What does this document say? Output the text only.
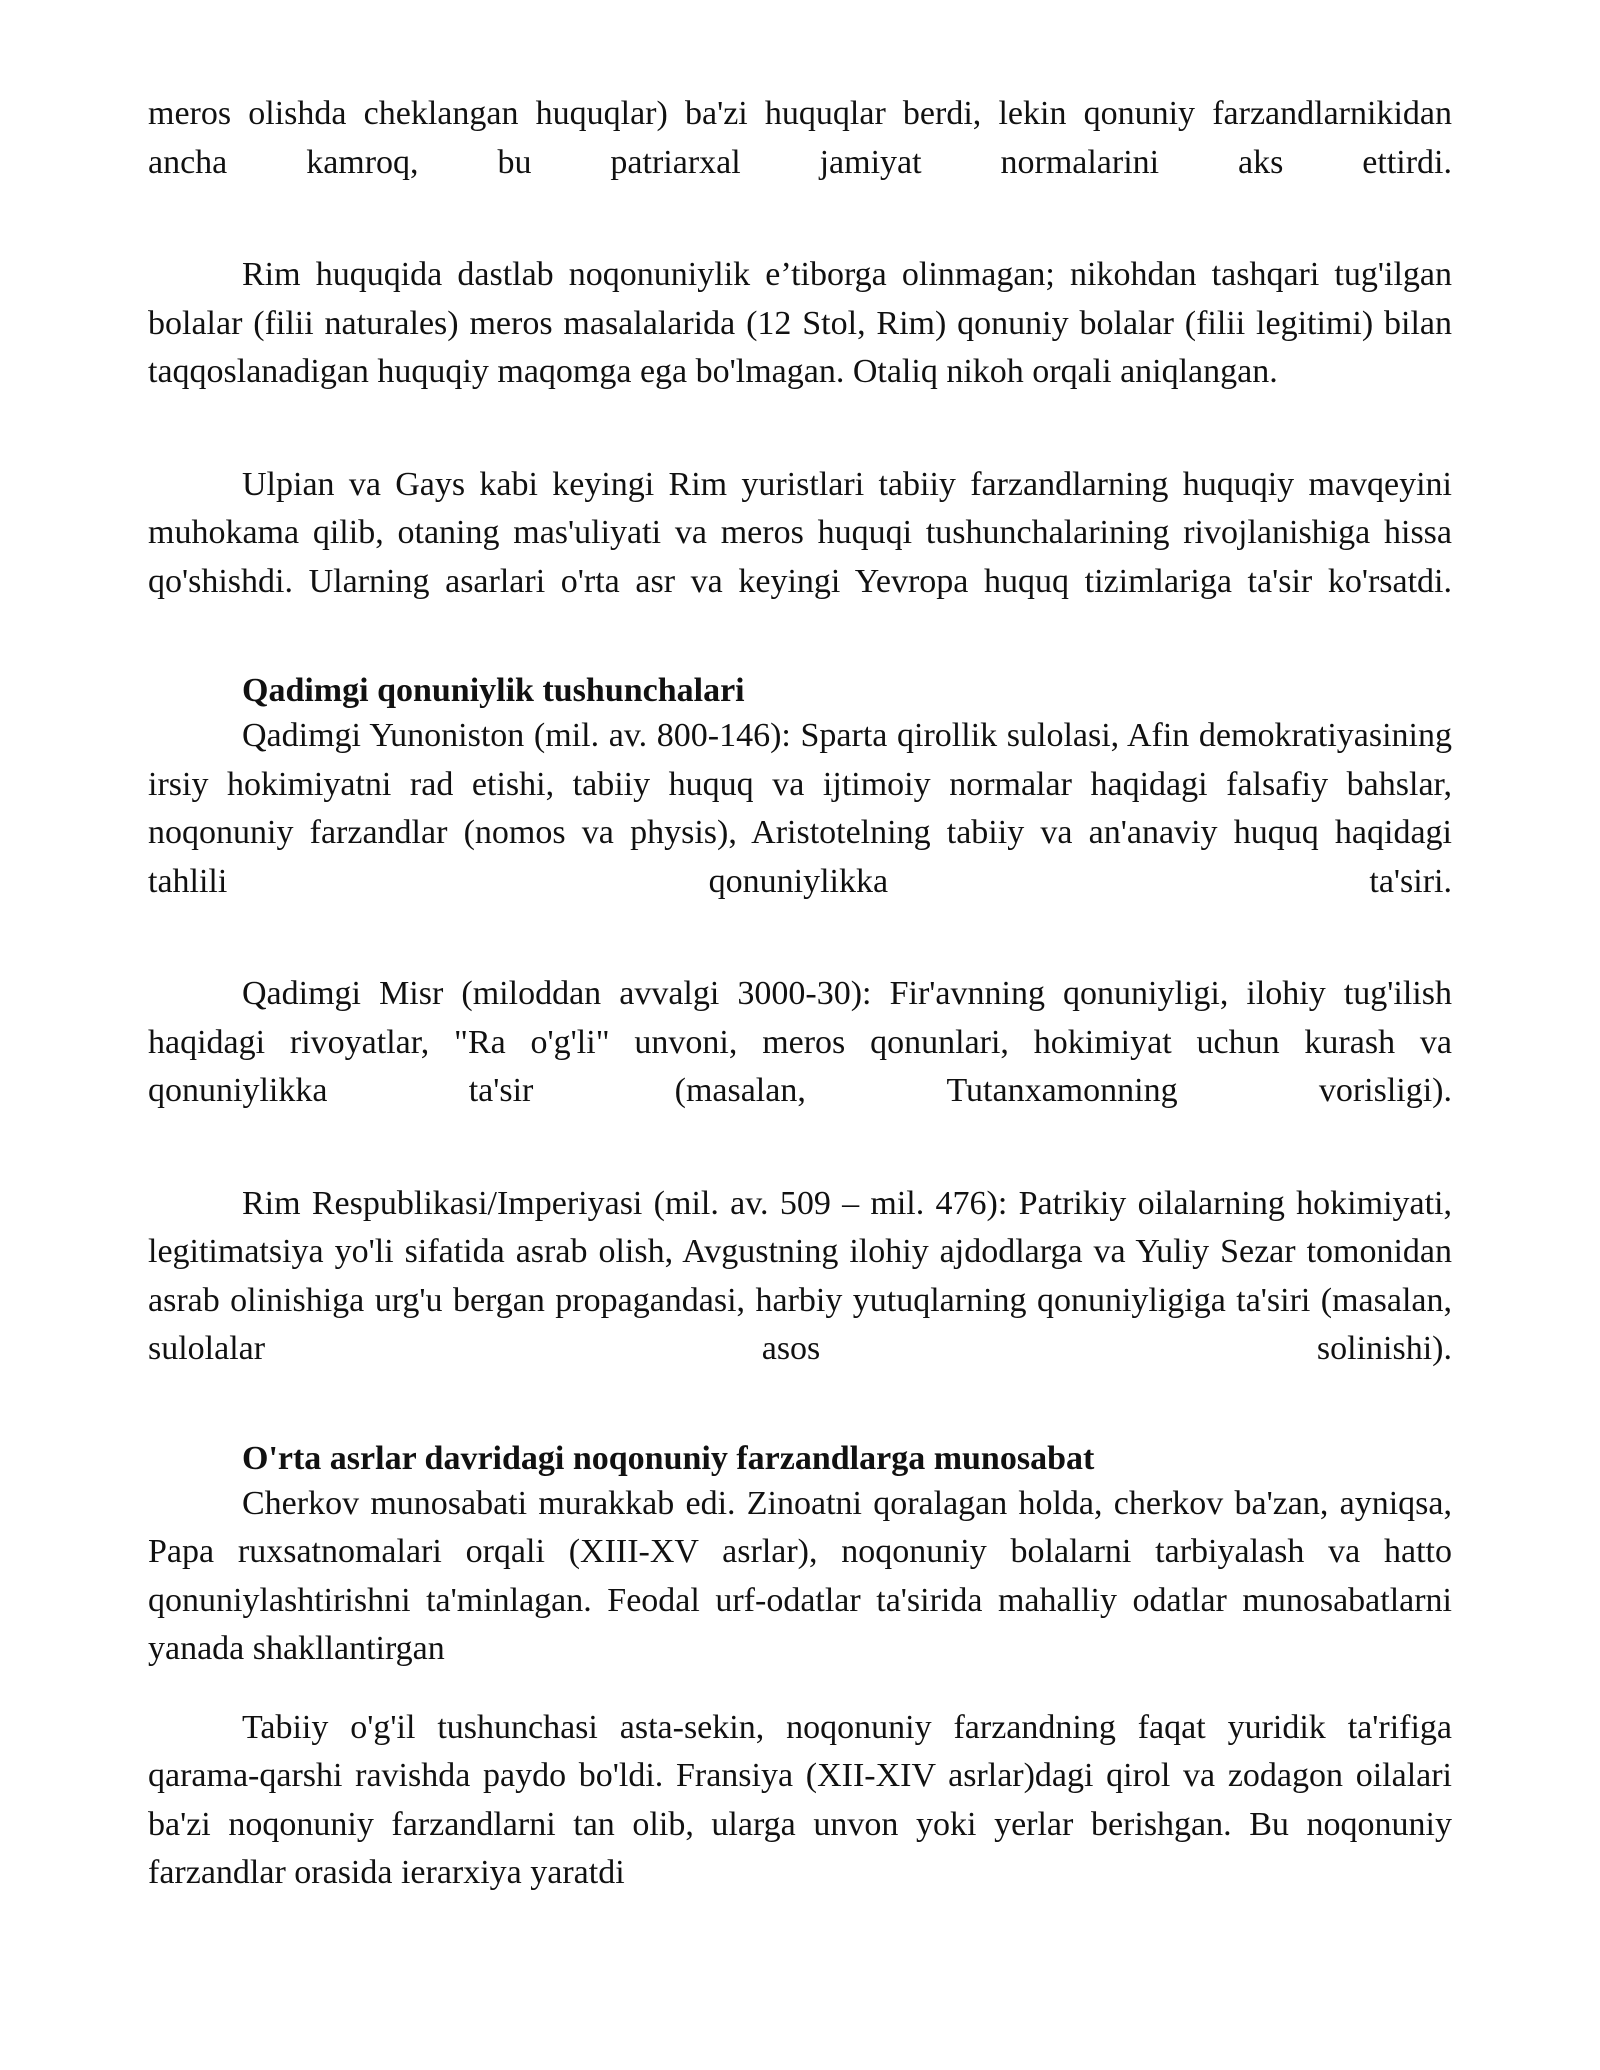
meros olishda cheklangan huquqlar) ba'zi huquqlar berdi, lekin qonuniy farzandlarnikidan ancha kamroq, bu patriarxal jamiyat normalarini aks ettirdi.

Rim huquqida dastlab noqonuniylik e’tiborga olinmagan; nikohdan tashqari tug'ilgan bolalar (filii naturales) meros masalalarida (12 Stol, Rim) qonuniy bolalar (filii legitimi) bilan taqqoslanadigan huquqiy maqomga ega bo'lmagan. Otaliq nikoh orqali aniqlangan.

Ulpian va Gays kabi keyingi Rim yuristlari tabiiy farzandlarning huquqiy mavqeyini muhokama qilib, otaning mas'uliyati va meros huquqi tushunchalarining rivojlanishiga hissa qo'shishdi. Ularning asarlari o'rta asr va keyingi Yevropa huquq tizimlariga ta'sir ko'rsatdi.

Qadimgi qonuniylik tushunchalari

Qadimgi Yunoniston (mil. av. 800-146): Sparta qirollik sulolasi, Afin demokratiyasining irsiy hokimiyatni rad etishi, tabiiy huquq va ijtimoiy normalar haqidagi falsafiy bahslar, noqonuniy farzandlar (nomos va physis), Aristotelning tabiiy va an'anaviy huquq haqidagi tahlili qonuniylikka ta'siri.

Qadimgi Misr (miloddan avvalgi 3000-30): Fir'avnning qonuniyligi, ilohiy tug'ilish haqidagi rivoyatlar, "Ra o'g'li" unvoni, meros qonunlari, hokimiyat uchun kurash va qonuniylikka ta'sir (masalan, Tutanxamonning vorisligi).

Rim Respublikasi/Imperiyasi (mil. av. 509 – mil. 476): Patrikiy oilalarning hokimiyati, legitimatsiya yo'li sifatida asrab olish, Avgustning ilohiy ajdodlarga va Yuliy Sezar tomonidan asrab olinishiga urg'u bergan propagandasi, harbiy yutuqlarning qonuniyligiga ta'siri (masalan, sulolalar asos solinishi).

O'rta asrlar davridagi noqonuniy farzandlarga munosabat

Cherkov munosabati murakkab edi. Zinoatni qoralagan holda, cherkov ba'zan, ayniqsa, Papa ruxsatnomalari orqali (XIII-XV asrlar), noqonuniy bolalarni tarbiyalash va hatto qonuniylashtirishni ta'minlagan. Feodal urf-odatlar ta'sirida mahalliy odatlar munosabatlarni yanada shakllantirgan

Tabiiy o'g'il tushunchasi asta-sekin, noqonuniy farzandning faqat yuridik ta'rifiga qarama-qarshi ravishda paydo bo'ldi. Fransiya (XII-XIV asrlar)dagi qirol va zodagon oilalari ba'zi noqonuniy farzandlarni tan olib, ularga unvon yoki yerlar berishgan. Bu noqonuniy farzandlar orasida ierarxiya yaratdi
